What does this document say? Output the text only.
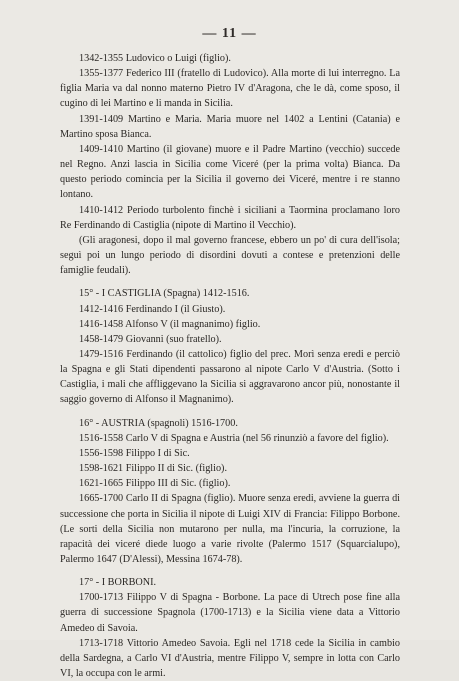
— 11 —

1342-1355 Ludovico o Luigi (figlio).

1355-1377 Federico III (fratello di Ludovico). Alla morte di lui interregno. La figlia Maria va dal nonno materno Pietro IV d'Aragona, che le dà, come sposo, il cugino di lei Martino e li manda in Sicilia.

1391-1409 Martino e Maria. Maria muore nel 1402 a Lentini (Catania) e Martino sposa Bianca.

1409-1410 Martino (il giovane) muore e il Padre Martino (vecchio) succede nel Regno. Anzi lascia in Sicilia come Viceré (per la prima volta) Bianca. Da questo periodo comincia per la Sicilia il governo dei Viceré, mentre i re stanno lontano.

1410-1412 Periodo turbolento finchè i siciliani a Taormina proclamano loro Re Ferdinando di Castiglia (nipote di Martino il Vecchio).

(Gli aragonesi, dopo il mal governo francese, ebbero un po' di cura dell'isola; seguì poi un lungo periodo di disordini dovuti a contese e pretenzioni delle famiglie feudali).

15° - I CASTIGLIA (Spagna) 1412-1516.

1412-1416 Ferdinando I (il Giusto).

1416-1458 Alfonso V (il magnanimo) figlio.

1458-1479 Giovanni (suo fratello).

1479-1516 Ferdinando (il cattolico) figlio del prec. Morì senza eredi e perciò la Spagna e gli Stati dipendenti passarono al nipote Carlo V d'Austria. (Sotto i Castiglia, i mali che affliggevano la Sicilia si aggravarono ancor più, nonostante il saggio governo di Alfonso il Magnanimo).

16° - AUSTRIA (spagnoli) 1516-1700.

1516-1558 Carlo V di Spagna e Austria (nel 56 rinunziò a favore del figlio).

1556-1598 Filippo I di Sic.

1598-1621 Filippo II di Sic. (figlio).

1621-1665 Filippo III di Sic. (figlio).

1665-1700 Carlo II di Spagna (figlio). Muore senza eredi, avviene la guerra di successione che porta in Sicilia il nipote di Luigi XIV di Francia: Filippo Borbone. (Le sorti della Sicilia non mutarono per nulla, ma l'incuria, la corruzione, la rapacità dei viceré diede luogo a varie rivolte (Palermo 1517 (Squarcialupo), Palermo 1647 (D'Alessi), Messina 1674-78).

17° - I BORBONI.

1700-1713 Filippo V di Spagna - Borbone. La pace di Utrech pose fine alla guerra di successione Spagnola (1700-1713) e la Sicilia viene data a Vittorio Amedeo di Savoia.

1713-1718 Vittorio Amedeo Savoia. Egli nel 1718 cede la Sicilia in cambio della Sardegna, a Carlo VI d'Austria, mentre Filippo V, sempre in lotta con Carlo VI, la occupa con le armi.
